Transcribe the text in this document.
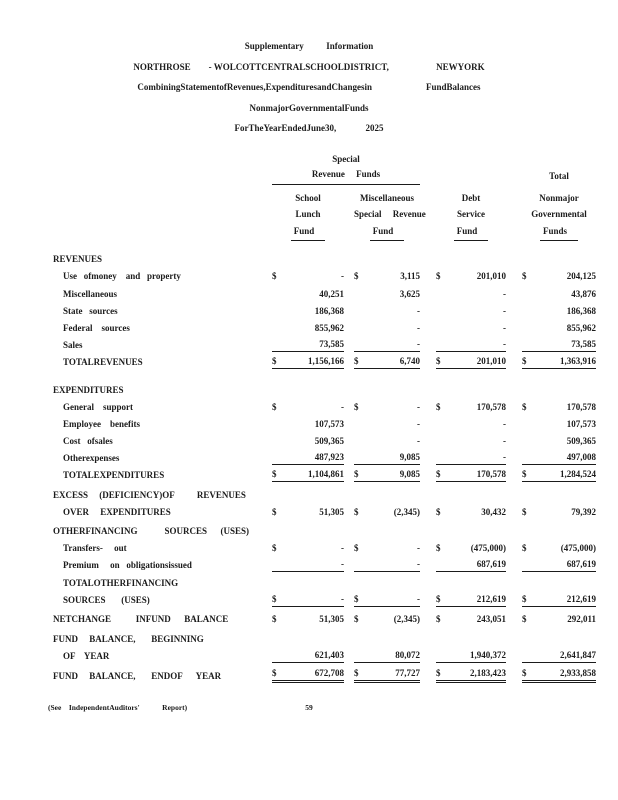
Supplementary          Information
NORTHROSE        - WOLCOTTCENTRALSCHOOLDISTRICT,                     NEWYORK
CombiningStatementofRevenues,ExpendituresandChangesin                        FundBalances
NonmajorGovernmentalFunds
ForTheYearEndedJune30,             2025
Special
Revenue     Funds	Total
School
Lunch
Fund
Miscellaneous
Special     Revenue
Fund
Debt
Service
Fund
Nonmajor
Governmental
Funds
REVENUES
Use   ofmoney    and   property	$	- $	3,115 $	201,010 $	204,125
Miscellaneous	40,251	3,625	-	43,876
State   sources	186,368	-	-	186,368
Federal    sources	855,962	-	-	855,962
Sales	73,585	-	-	73,585
TOTALREVENUES	$	1,156,166 $	6,740 $	201,010 $	1,363,916
EXPENDITURES
General    support	$	- $	- $	170,578 $	170,578
Employee    benefits	107,573	-	-	107,573
Cost   ofsales	509,365	-	-	509,365
Otherexpenses	487,923	9,085	-	497,008
TOTALEXPENDITURES	$	1,104,861 $	9,085 $	170,578 $	1,284,524
EXCESS     (DEFICIENCY)OF          REVENUES
OVER     EXPENDITURES	$	51,305 $	(2,345) $	30,432 $	79,392
OTHERFINANCING            SOURCES      (USES)
Transfers-     out	$	- $	- $	(475,000) $	(475,000)
Premium     on   obligationsissued	-	-	687,619	687,619
TOTALOTHERFINANCING
SOURCES       (USES)	$	- $	- $	212,619 $	212,619
NETCHANGE           INFUND      BALANCE	$	51,305 $	(2,345) $	243,051 $	292,011
FUND     BALANCE,       BEGINNING
OF    YEAR	621,403	80,072	1,940,372	2,641,847
FUND     BALANCE,       ENDOF      YEAR	$	672,708 $	77,727 $	2,183,423 $	2,933,858
(See    IndependentAuditors'            Report)	59
